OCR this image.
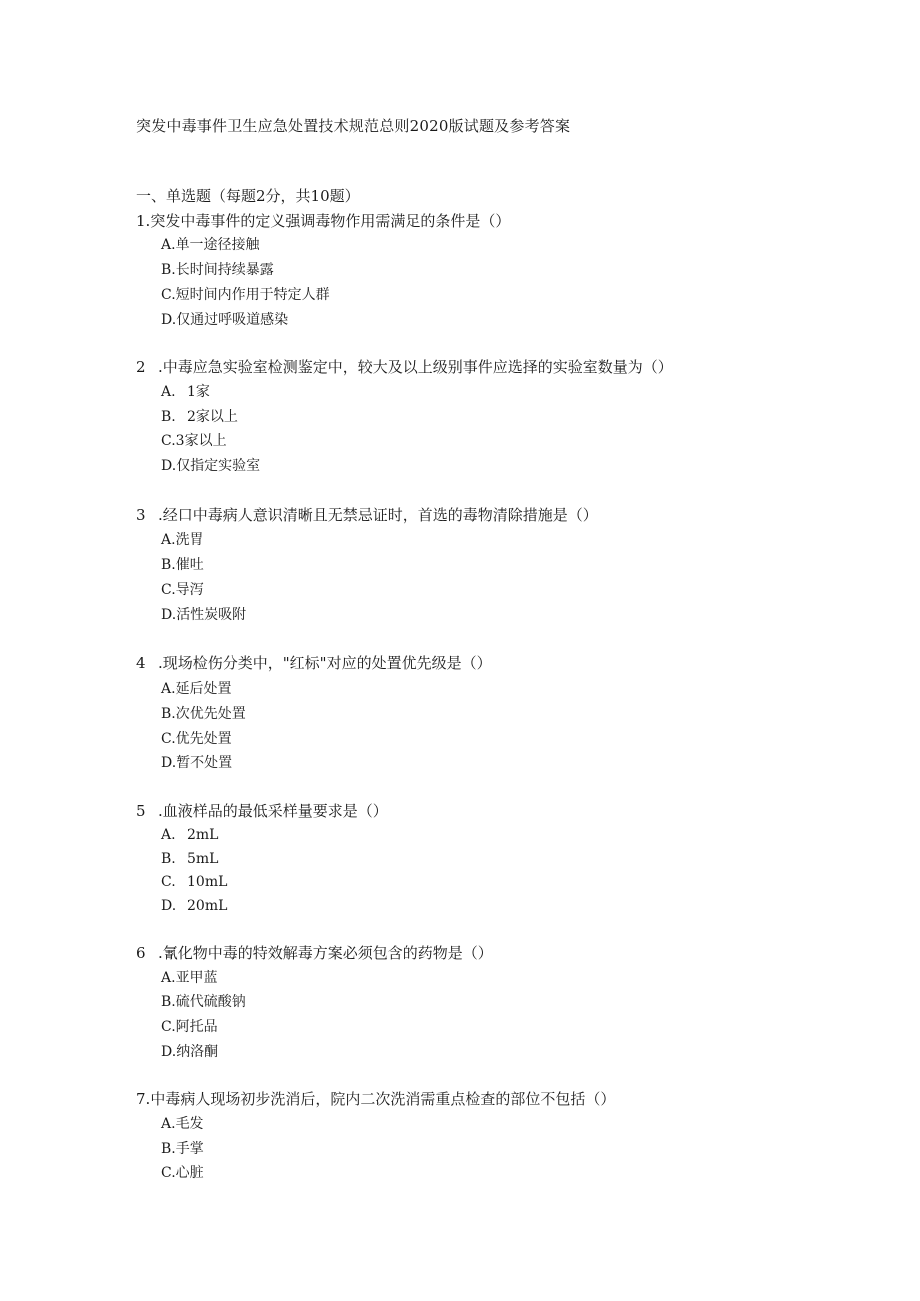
突发中毒事件卫生应急处置技术规范总则2020版试题及参考答案
一、单选题（每题2分，共10题）
1.突发中毒事件的定义强调毒物作用需满足的条件是（）
A.单一途径接触
B.长时间持续暴露
C.短时间内作用于特定人群
D.仅通过呼吸道感染
2 .中毒应急实验室检测鉴定中，较大及以上级别事件应选择的实验室数量为（）
A. 1家
B. 2家以上
C.3家以上
D.仅指定实验室
3 .经口中毒病人意识清晰且无禁忌证时，首选的毒物清除措施是（）
A.洗胃
B.催吐
C.导泻
D.活性炭吸附
4 .现场检伤分类中，"红标"对应的处置优先级是（）
A.延后处置
B.次优先处置
C.优先处置
D.暂不处置
5 .血液样品的最低采样量要求是（）
A. 2mL
B. 5mL
C. 10mL
D. 20mL
6 .氰化物中毒的特效解毒方案必须包含的药物是（）
A.亚甲蓝
B.硫代硫酸钠
C.阿托品
D.纳洛酮
7.中毒病人现场初步洗消后，院内二次洗消需重点检查的部位不包括（）
A.毛发
B.手掌
C.心脏
